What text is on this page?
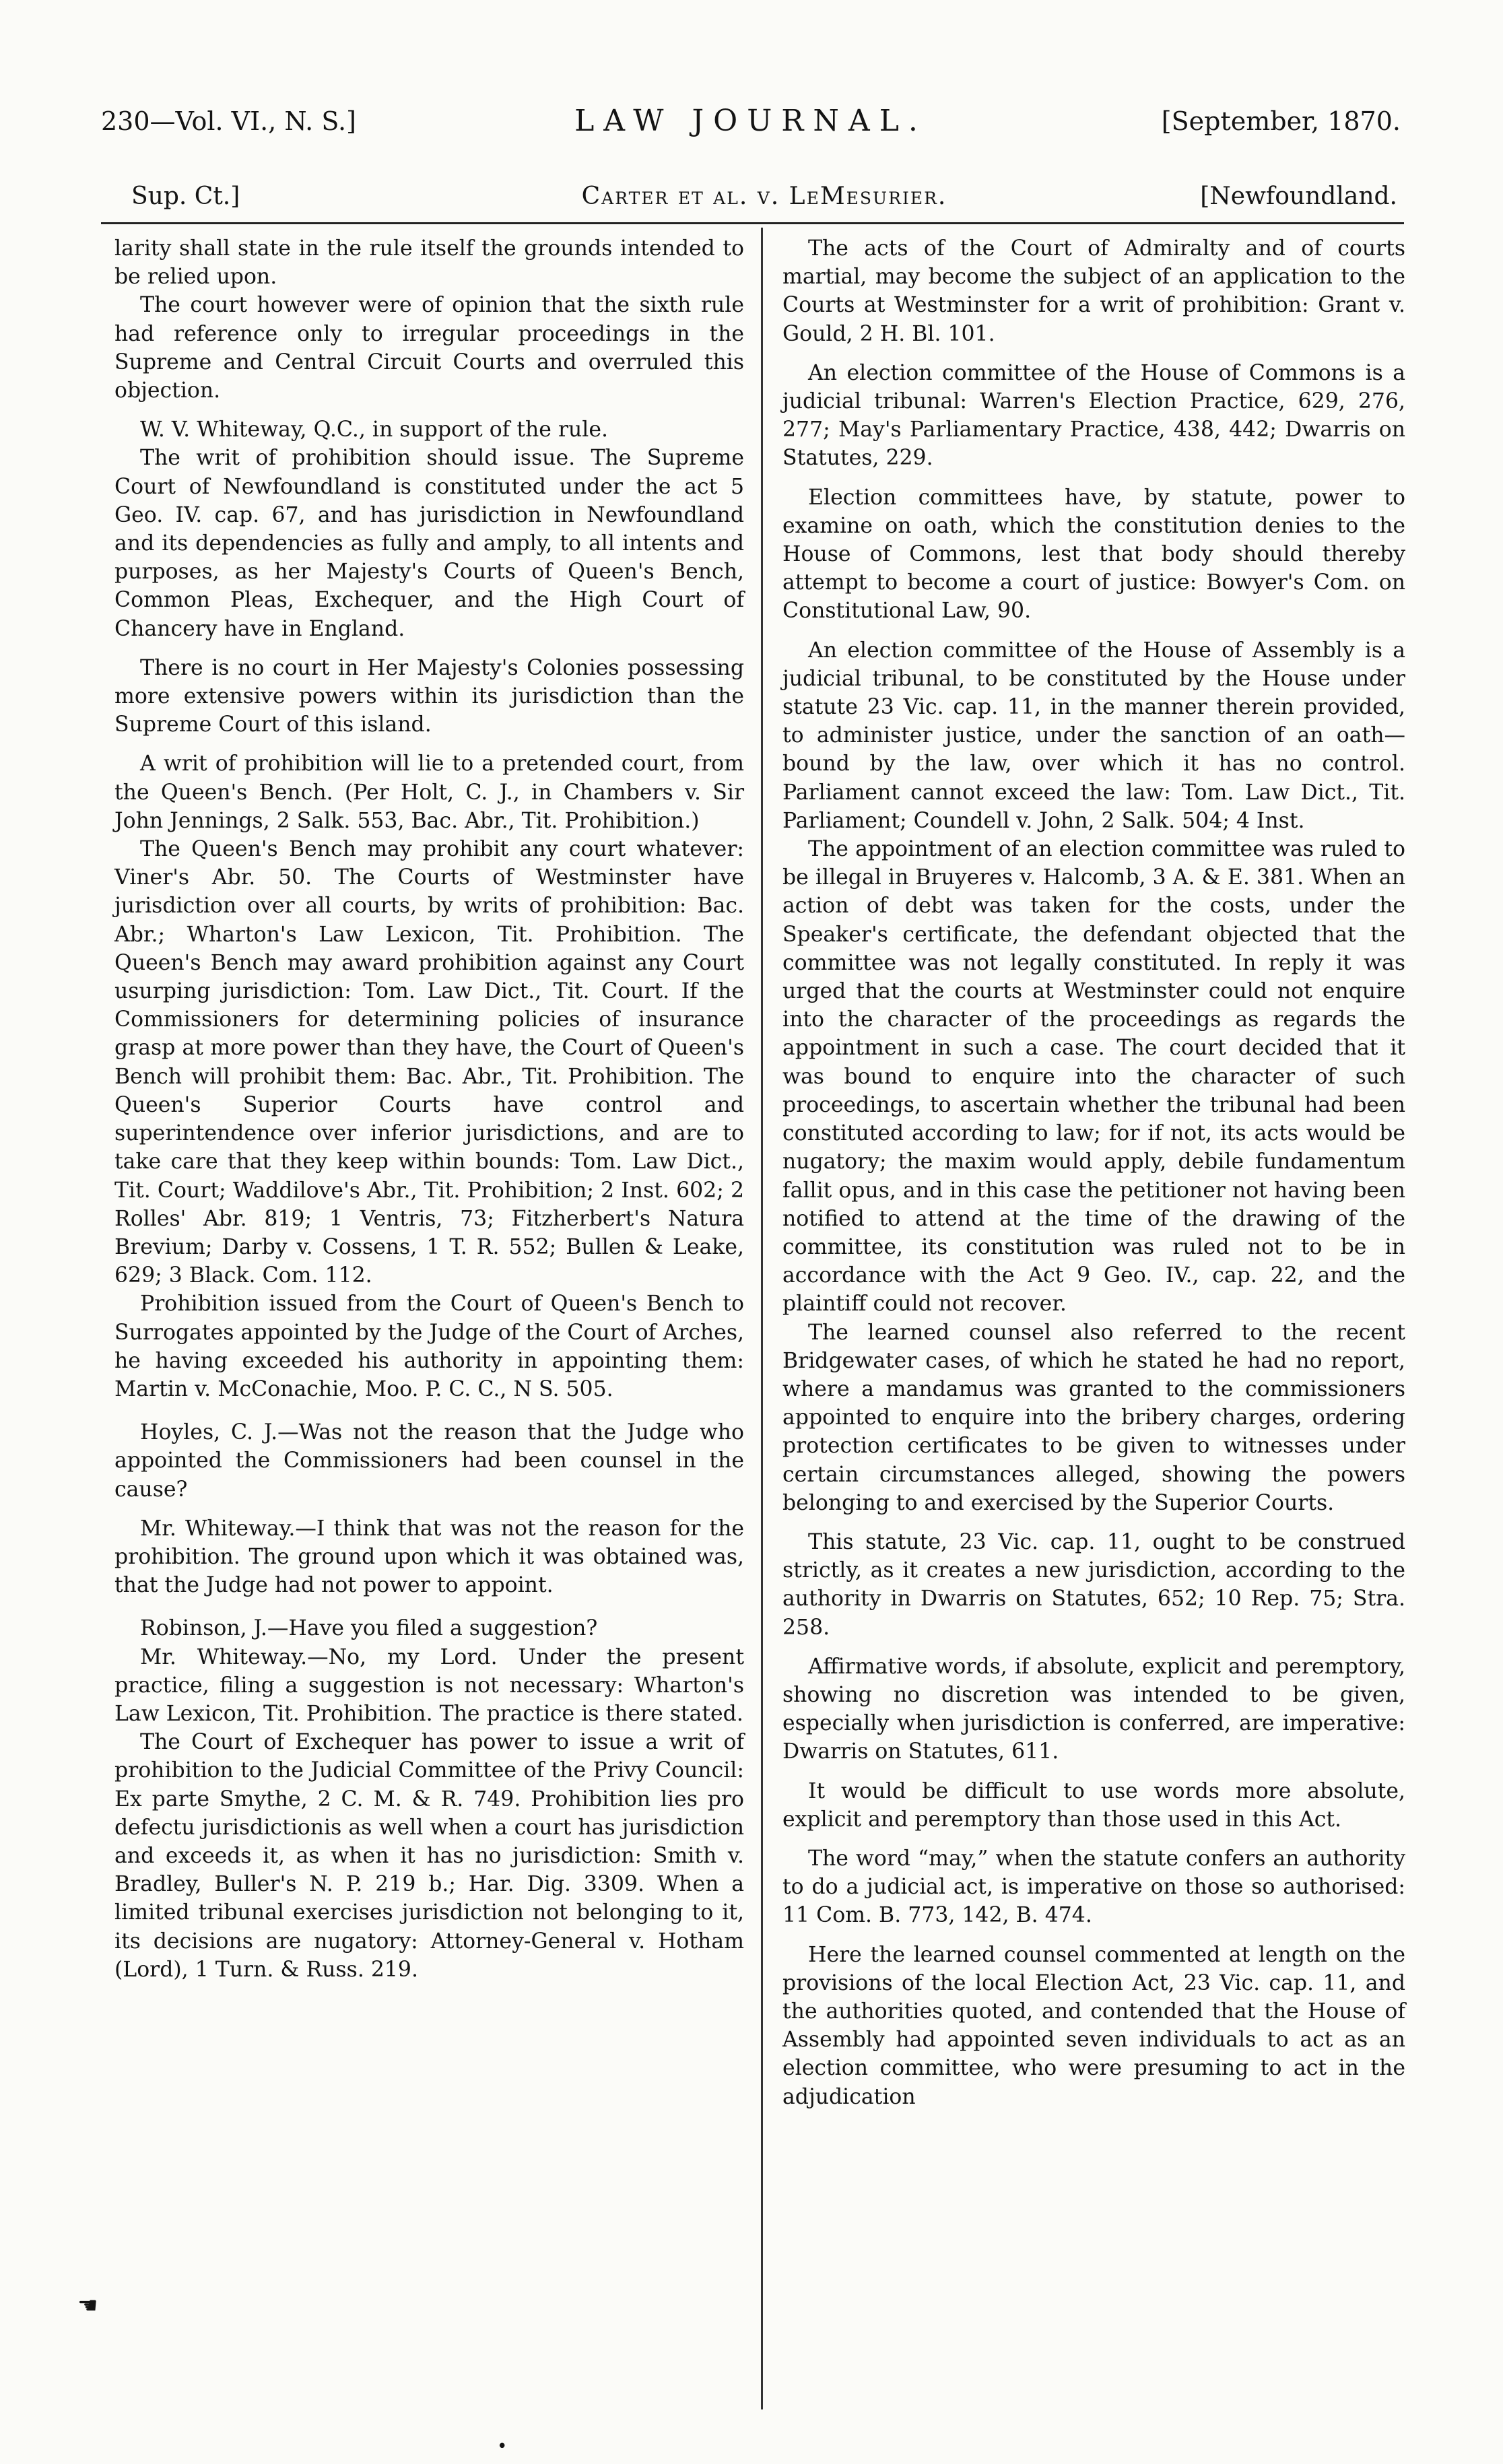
230—Vol. VI., N. S.]	LAW JOURNAL.	[September, 1870.
Sup. Ct.]	Carter et al. v. LeMesurier.	[Newfoundland.

larity shall state in the rule itself the grounds intended to be relied upon.

The court however were of opinion that the sixth rule had reference only to irregular proceedings in the Supreme and Central Circuit Courts and overruled this objection.

W. V. Whiteway, Q.C., in support of the rule.

The writ of prohibition should issue. The Supreme Court of Newfoundland is constituted under the act 5 Geo. IV. cap. 67, and has jurisdiction in Newfoundland and its dependencies as fully and amply, to all intents and purposes, as her Majesty's Courts of Queen's Bench, Common Pleas, Exchequer, and the High Court of Chancery have in England.

There is no court in Her Majesty's Colonies possessing more extensive powers within its jurisdiction than the Supreme Court of this island.

A writ of prohibition will lie to a pretended court, from the Queen's Bench. (Per Holt, C. J., in Chambers v. Sir John Jennings, 2 Salk. 553, Bac. Abr., Tit. Prohibition.)

The Queen's Bench may prohibit any court whatever: Viner's Abr. 50. The Courts of Westminster have jurisdiction over all courts, by writs of prohibition: Bac. Abr.; Wharton's Law Lexicon, Tit. Prohibition. The Queen's Bench may award prohibition against any Court usurping jurisdiction: Tom. Law Dict., Tit. Court. If the Commissioners for determining policies of insurance grasp at more power than they have, the Court of Queen's Bench will prohibit them: Bac. Abr., Tit. Prohibition. The Queen's Superior Courts have control and superintendence over inferior jurisdictions, and are to take care that they keep within bounds: Tom. Law Dict., Tit. Court; Waddilove's Abr., Tit. Prohibition; 2 Inst. 602; 2 Rolles' Abr. 819; 1 Ventris, 73; Fitzherbert's Natura Brevium; Darby v. Cossens, 1 T. R. 552; Bullen & Leake, 629; 3 Black. Com. 112.

Prohibition issued from the Court of Queen's Bench to Surrogates appointed by the Judge of the Court of Arches, he having exceeded his authority in appointing them: Martin v. McConachie, Moo. P. C. C., N S. 505.

Hoyles, C. J.—Was not the reason that the Judge who appointed the Commissioners had been counsel in the cause?

Mr. Whiteway.—I think that was not the reason for the prohibition. The ground upon which it was obtained was, that the Judge had not power to appoint.

Robinson, J.—Have you filed a suggestion?

Mr. Whiteway.—No, my Lord. Under the present practice, filing a suggestion is not necessary: Wharton's Law Lexicon, Tit. Prohibition. The practice is there stated.

The Court of Exchequer has power to issue a writ of prohibition to the Judicial Committee of the Privy Council: Ex parte Smythe, 2 C. M. & R. 749. Prohibition lies pro defectu jurisdictionis as well when a court has jurisdiction and exceeds it, as when it has no jurisdiction: Smith v. Bradley, Buller's N. P. 219 b.; Har. Dig. 3309. When a limited tribunal exercises jurisdiction not belonging to it, its decisions are nugatory: Attorney-General v. Hotham (Lord), 1 Turn. & Russ. 219.

The acts of the Court of Admiralty and of courts martial, may become the subject of an application to the Courts at Westminster for a writ of prohibition: Grant v. Gould, 2 H. Bl. 101.

An election committee of the House of Commons is a judicial tribunal: Warren's Election Practice, 629, 276, 277; May's Parliamentary Practice, 438, 442; Dwarris on Statutes, 229.

Election committees have, by statute, power to examine on oath, which the constitution denies to the House of Commons, lest that body should thereby attempt to become a court of justice: Bowyer's Com. on Constitutional Law, 90.

An election committee of the House of Assembly is a judicial tribunal, to be constituted by the House under statute 23 Vic. cap. 11, in the manner therein provided, to administer justice, under the sanction of an oath—bound by the law, over which it has no control. Parliament cannot exceed the law: Tom. Law Dict., Tit. Parliament; Coundell v. John, 2 Salk. 504; 4 Inst.

The appointment of an election committee was ruled to be illegal in Bruyeres v. Halcomb, 3 A. & E. 381. When an action of debt was taken for the costs, under the Speaker's certificate, the defendant objected that the committee was not legally constituted. In reply it was urged that the courts at Westminster could not enquire into the character of the proceedings as regards the appointment in such a case. The court decided that it was bound to enquire into the character of such proceedings, to ascertain whether the tribunal had been constituted according to law; for if not, its acts would be nugatory; the maxim would apply, debile fundamentum fallit opus, and in this case the petitioner not having been notified to attend at the time of the drawing of the committee, its constitution was ruled not to be in accordance with the Act 9 Geo. IV., cap. 22, and the plaintiff could not recover.

The learned counsel also referred to the recent Bridgewater cases, of which he stated he had no report, where a mandamus was granted to the commissioners appointed to enquire into the bribery charges, ordering protection certificates to be given to witnesses under certain circumstances alleged, showing the powers belonging to and exercised by the Superior Courts.

This statute, 23 Vic. cap. 11, ought to be construed strictly, as it creates a new jurisdiction, according to the authority in Dwarris on Statutes, 652; 10 Rep. 75; Stra. 258.

Affirmative words, if absolute, explicit and peremptory, showing no discretion was intended to be given, especially when jurisdiction is conferred, are imperative: Dwarris on Statutes, 611.

It would be difficult to use words more absolute, explicit and peremptory than those used in this Act.

The word “may,” when the statute confers an authority to do a judicial act, is imperative on those so authorised: 11 Com. B. 773, 142, B. 474.

Here the learned counsel commented at length on the provisions of the local Election Act, 23 Vic. cap. 11, and the authorities quoted, and contended that the House of Assembly had appointed seven individuals to act as an election committee, who were presuming to act in the adjudication

☚
•
